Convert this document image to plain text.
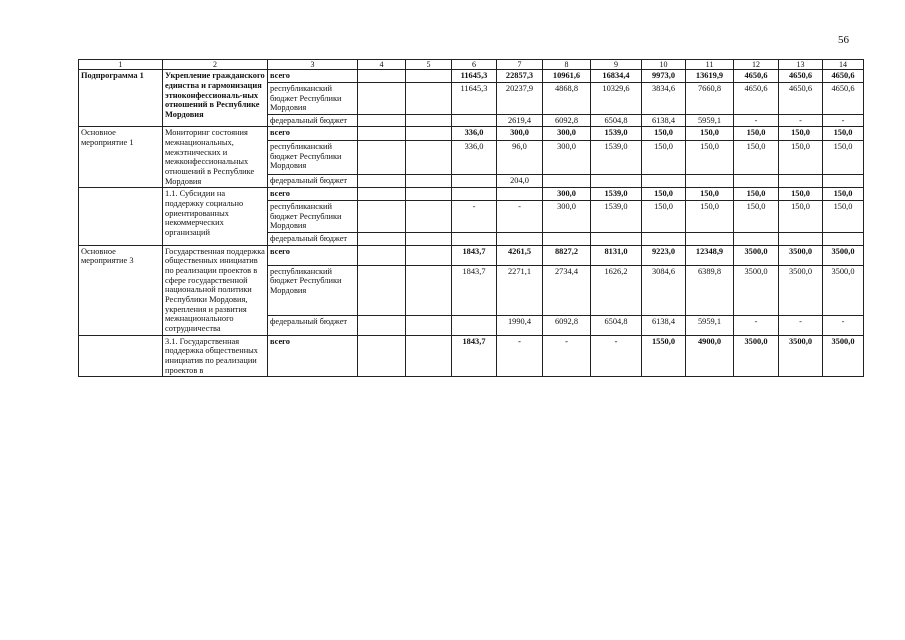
56
1	2	3	4	5	6	7	8	9	10	11	12	13	14
Подпрограмма 1	Укрепление гражданского единства и гармонизация этноконфессиональ-ных отношений в Республике Мордовия	всего			11645,3	22857,3	10961,6	16834,4	9973,0	13619,9	4650,6	4650,6	4650,6
		республиканский бюджет Республики Мордовия			11645,3	20237,9	4868,8	10329,6	3834,6	7660,8	4650,6	4650,6	4650,6
		федеральный бюджет				2619,4	6092,8	6504,8	6138,4	5959,1	-	-	-
Основное мероприятие 1	Мониторинг состояния межнациональных, межэтнических и межконфессиональных отношений в Республике Мордовия	всего			336,0	300,0	300,0	1539,0	150,0	150,0	150,0	150,0	150,0
		республиканский бюджет Республики Мордовия			336,0	96,0	300,0	1539,0	150,0	150,0	150,0	150,0	150,0
		федеральный бюджет				204,0							
	1.1. Субсидии на поддержку социально ориентированных некоммерческих организаций	всего					300,0	1539,0	150,0	150,0	150,0	150,0	150,0
		республиканский бюджет Республики Мордовия			-	-	300,0	1539,0	150,0	150,0	150,0	150,0	150,0
		федеральный бюджет											
Основное мероприятие 3	Государственная поддержка общественных инициатив по реализации проектов в сфере государственной национальной политики Республики Мордовия, укрепления и развития межнационального сотрудничества	всего			1843,7	4261,5	8827,2	8131,0	9223,0	12348,9	3500,0	3500,0	3500,0
		республиканский бюджет Республики Мордовия			1843,7	2271,1	2734,4	1626,2	3084,6	6389,8	3500,0	3500,0	3500,0
		федеральный бюджет				1990,4	6092,8	6504,8	6138,4	5959,1	-	-	-
	3.1. Государственная поддержка общественных инициатив по реализации проектов в	всего			1843,7	-	-	-	1550,0	4900,0	3500,0	3500,0	3500,0
